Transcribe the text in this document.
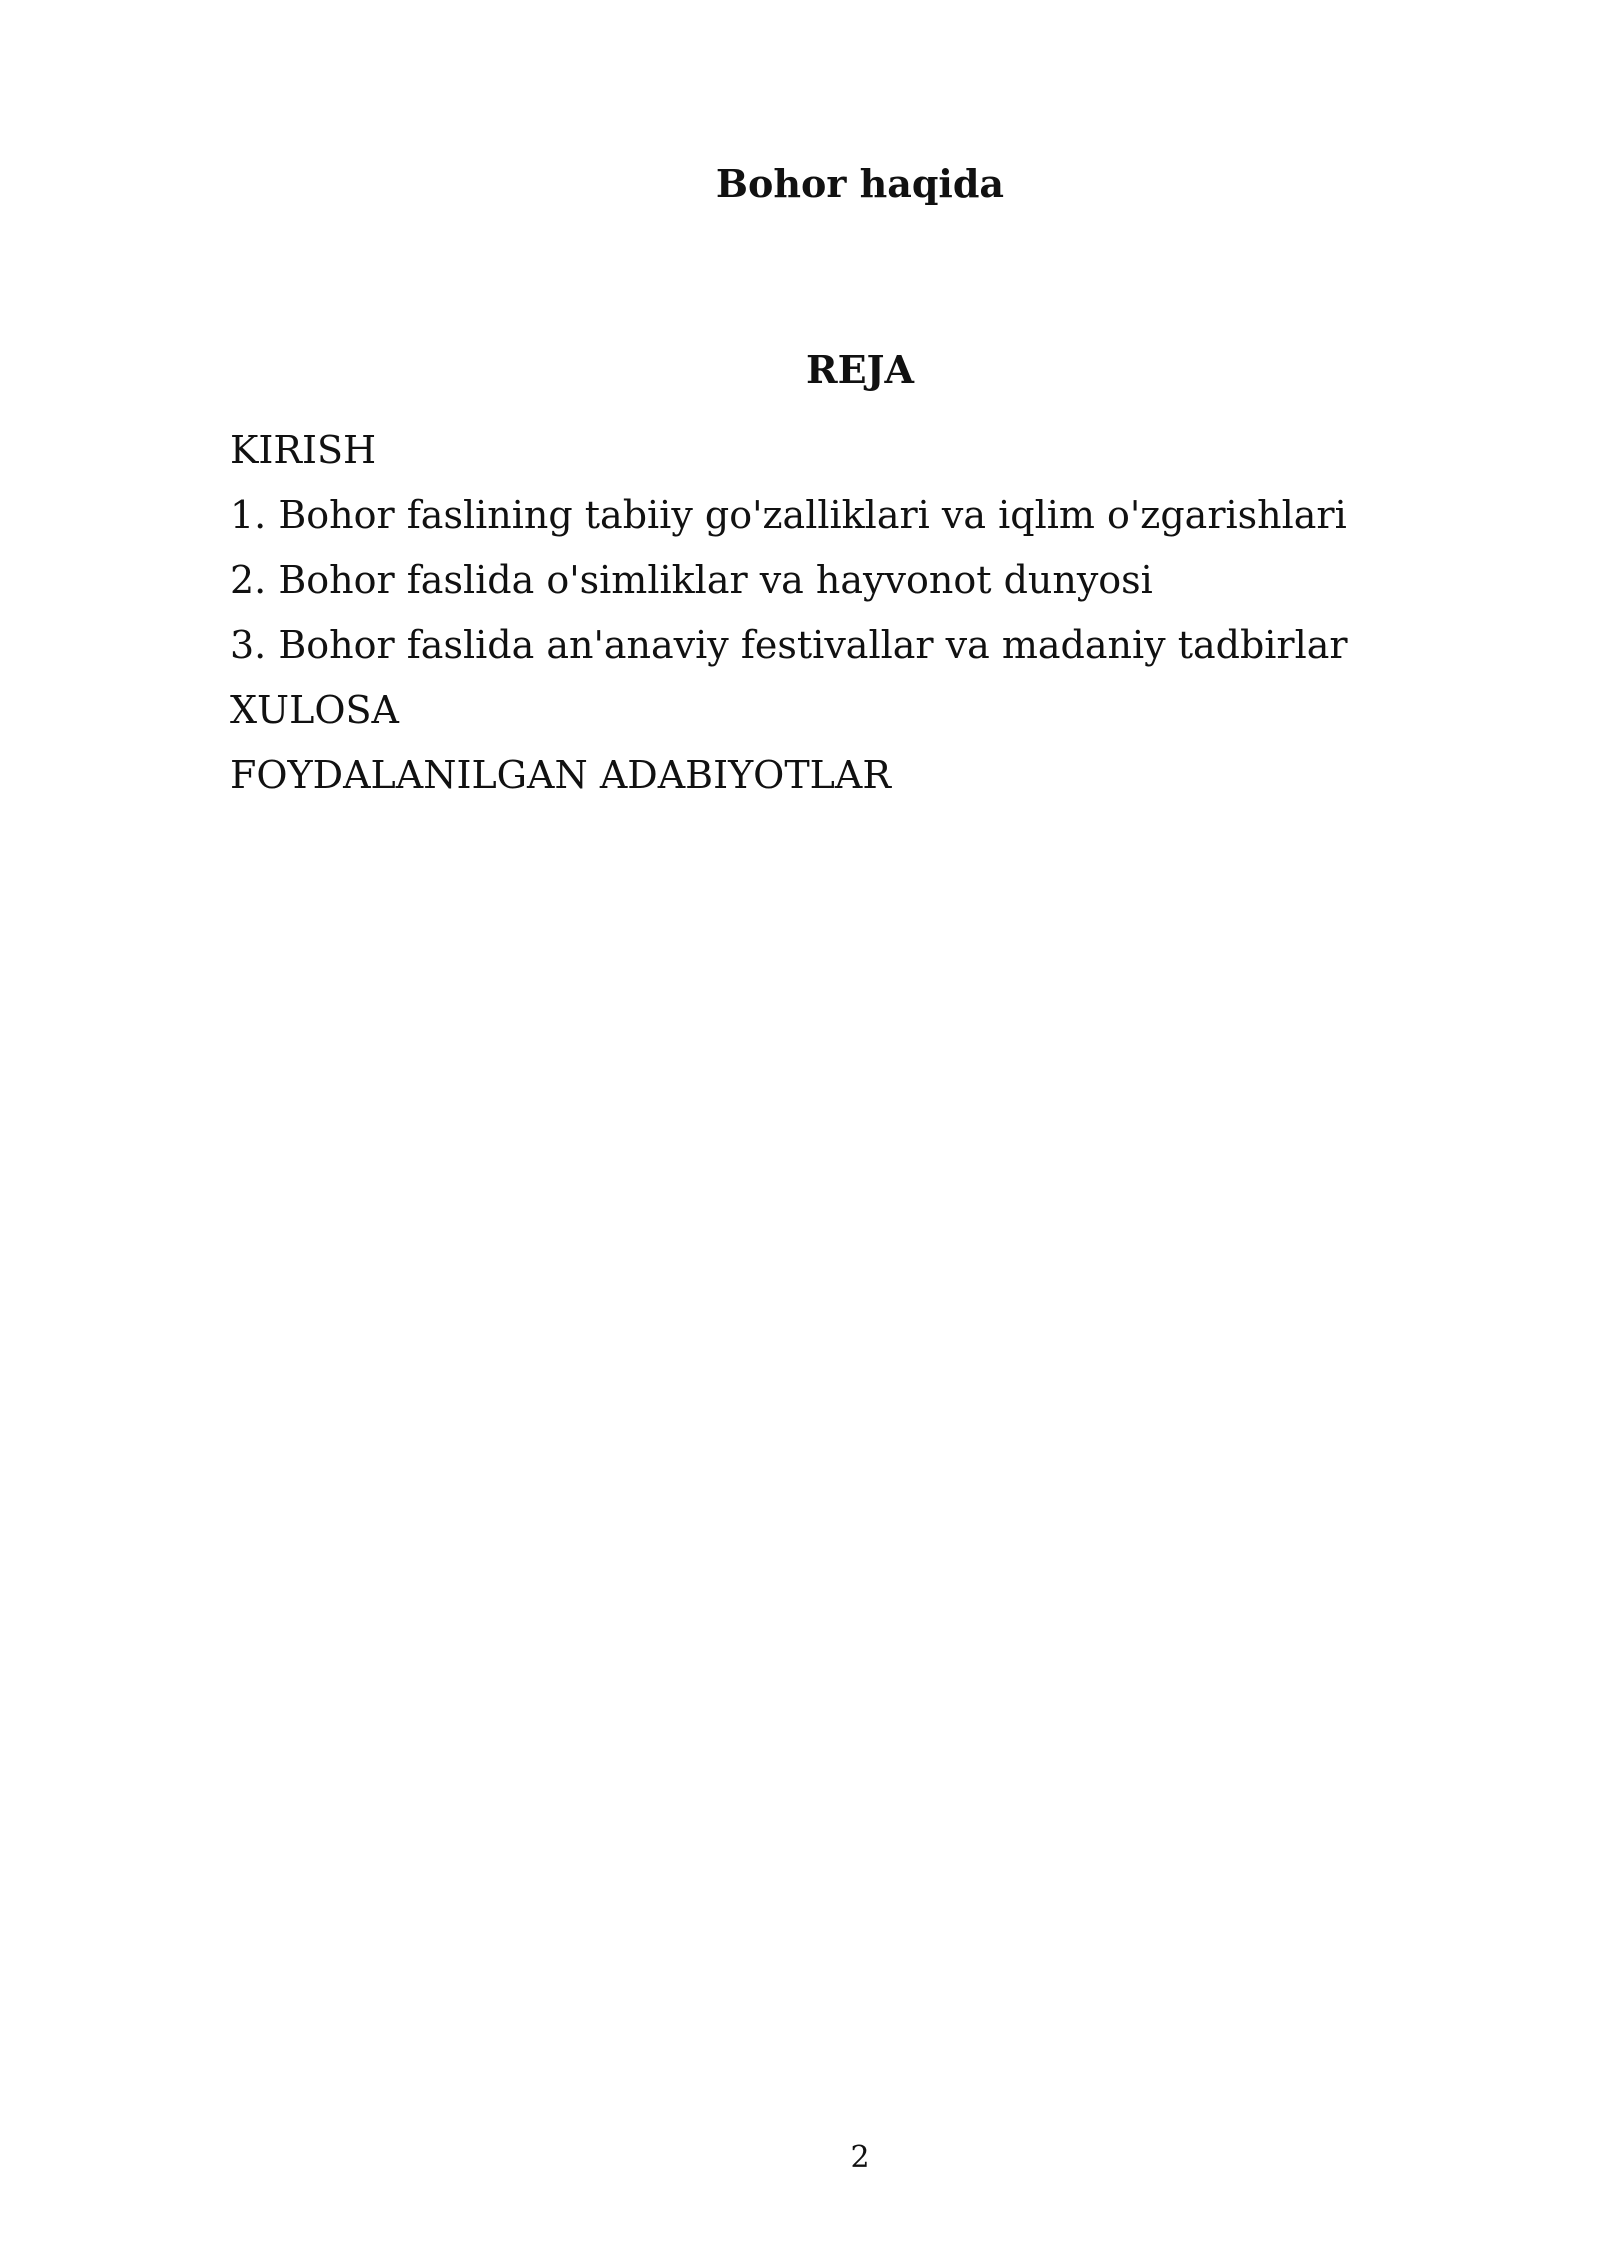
Bohor haqida
REJA
KIRISH
1. Bohor faslining tabiiy go'zalliklari va iqlim o'zgarishlari
2. Bohor faslida o'simliklar va hayvonot dunyosi
3. Bohor faslida an'anaviy festivallar va madaniy tadbirlar
XULOSA
FOYDALANILGAN ADABIYOTLAR
2
